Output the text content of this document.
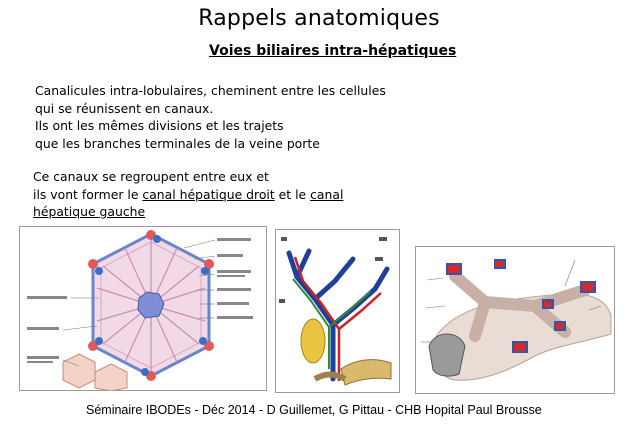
Rappels anatomiques
Voies biliaires intra-hépatiques
Canalicules intra-lobulaires, cheminent entre les cellules
qui se réunissent en canaux.
Ils ont les mêmes divisions et les trajets
que les branches terminales de la veine porte
Ce canaux se regroupent entre eux et
ils vont former le canal hépatique droit et le canal
hépatique gauche
Séminaire IBODEs - Déc 2014 - D Guillemet, G Pittau - CHB Hopital Paul Brousse
